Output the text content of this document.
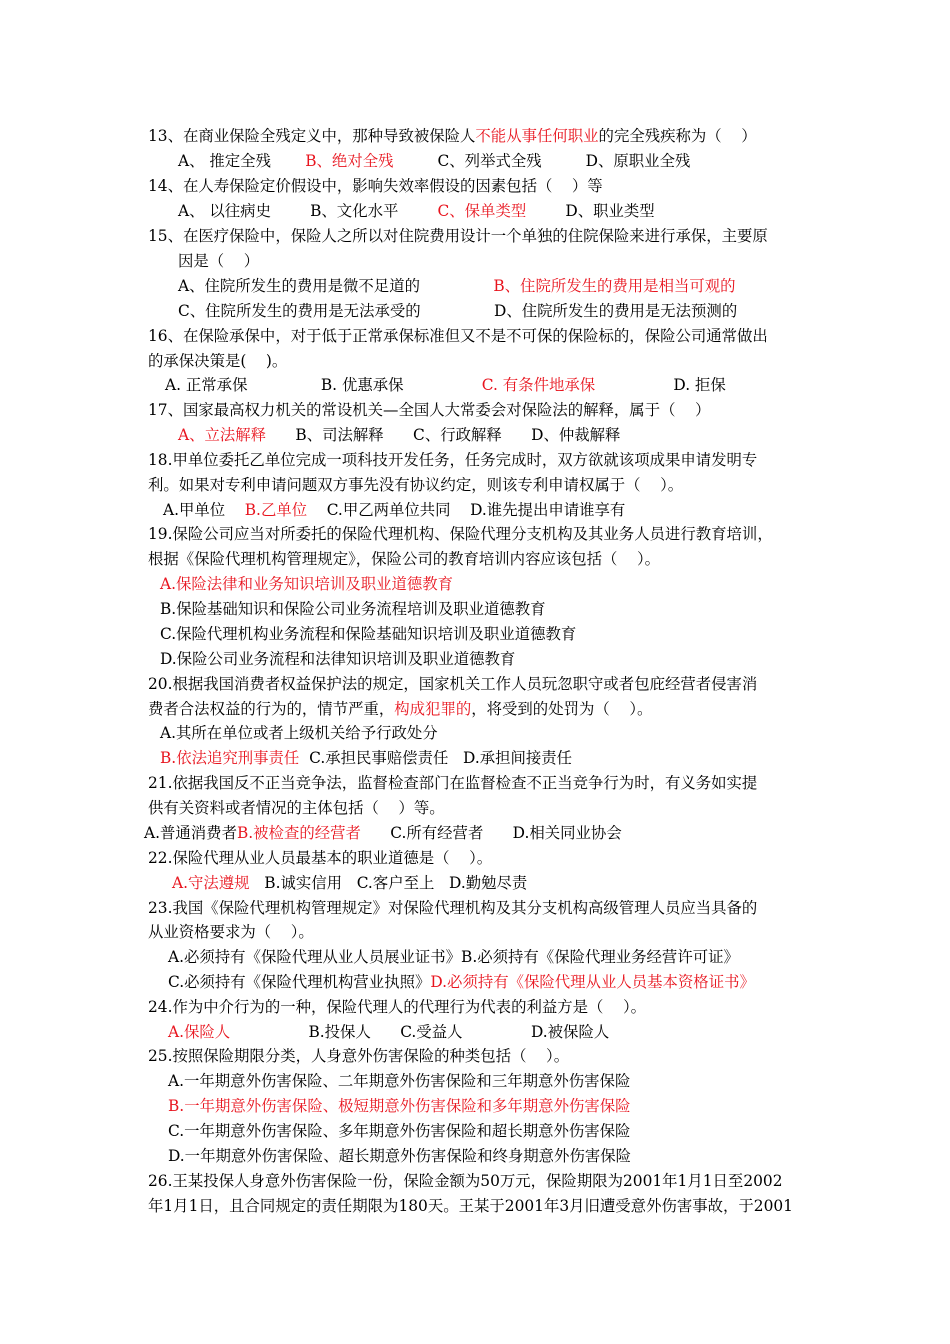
13、在商业保险全残定义中，那种导致被保险人不能从事任何职业的完全残疾称为（    ）
A、 推定全残       B、绝对全残         C、列举式全残         D、原职业全残
14、在人寿保险定价假设中，影响失效率假设的因素包括（    ）等
A、 以往病史        B、文化水平        C、保单类型        D、职业类型
15、在医疗保险中，保险人之所以对住院费用设计一个单独的住院保险来进行承保，主要原
因是（    ）
A、住院所发生的费用是微不足道的               B、住院所发生的费用是相当可观的
C、住院所发生的费用是无法承受的               D、住院所发生的费用是无法预测的
16、在保险承保中，对于低于正常承保标准但又不是不可保的保险标的，保险公司通常做出
的承保决策是(    )。
A. 正常承保               B. 优惠承保                C. 有条件地承保                D. 拒保
17、国家最高权力机关的常设机关—全国人大常委会对保险法的解释，属于（    ）
A、立法解释      B、司法解释      C、行政解释      D、仲裁解释
18.甲单位委托乙单位完成一项科技开发任务，任务完成时，双方欲就该项成果申请发明专
利。如果对专利申请问题双方事先没有协议约定，则该专利申请权属于（    ）。
A.甲单位    B.乙单位    C.甲乙两单位共同    D.谁先提出申请谁享有
19.保险公司应当对所委托的保险代理机构、保险代理分支机构及其业务人员进行教育培训，
根据《保险代理机构管理规定》，保险公司的教育培训内容应该包括（    ）。
A.保险法律和业务知识培训及职业道德教育
B.保险基础知识和保险公司业务流程培训及职业道德教育
C.保险代理机构业务流程和保险基础知识培训及职业道德教育
D.保险公司业务流程和法律知识培训及职业道德教育
20.根据我国消费者权益保护法的规定，国家机关工作人员玩忽职守或者包庇经营者侵害消
费者合法权益的行为的，情节严重，构成犯罪的，将受到的处罚为（    ）。
A.其所在单位或者上级机关给予行政处分
B.依法追究刑事责任  C.承担民事赔偿责任   D.承担间接责任
21.依据我国反不正当竞争法，监督检查部门在监督检查不正当竞争行为时，有义务如实提
供有关资料或者情况的主体包括（    ）等。
A.普通消费者B.被检查的经营者      C.所有经营者      D.相关同业协会
22.保险代理从业人员最基本的职业道德是（    ）。
A.守法遵规   B.诚实信用   C.客户至上   D.勤勉尽责
23.我国《保险代理机构管理规定》对保险代理机构及其分支机构高级管理人员应当具备的
从业资格要求为（    ）。
A.必须持有《保险代理从业人员展业证书》B.必须持有《保险代理业务经营许可证》
C.必须持有《保险代理机构营业执照》D.必须持有《保险代理从业人员基本资格证书》
24.作为中介行为的一种，保险代理人的代理行为代表的利益方是（    ）。
A.保险人                B.投保人      C.受益人              D.被保险人
25.按照保险期限分类，人身意外伤害保险的种类包括（    ）。
A.一年期意外伤害保险、二年期意外伤害保险和三年期意外伤害保险
B.一年期意外伤害保险、极短期意外伤害保险和多年期意外伤害保险
C.一年期意外伤害保险、多年期意外伤害保险和超长期意外伤害保险
D.一年期意外伤害保险、超长期意外伤害保险和终身期意外伤害保险
26.王某投保人身意外伤害保险一份，保险金额为50万元，保险期限为2001年1月1日至2002
年1月1日，且合同规定的责任期限为180天。王某于2001年3月旧遭受意外伤害事故，于2001
